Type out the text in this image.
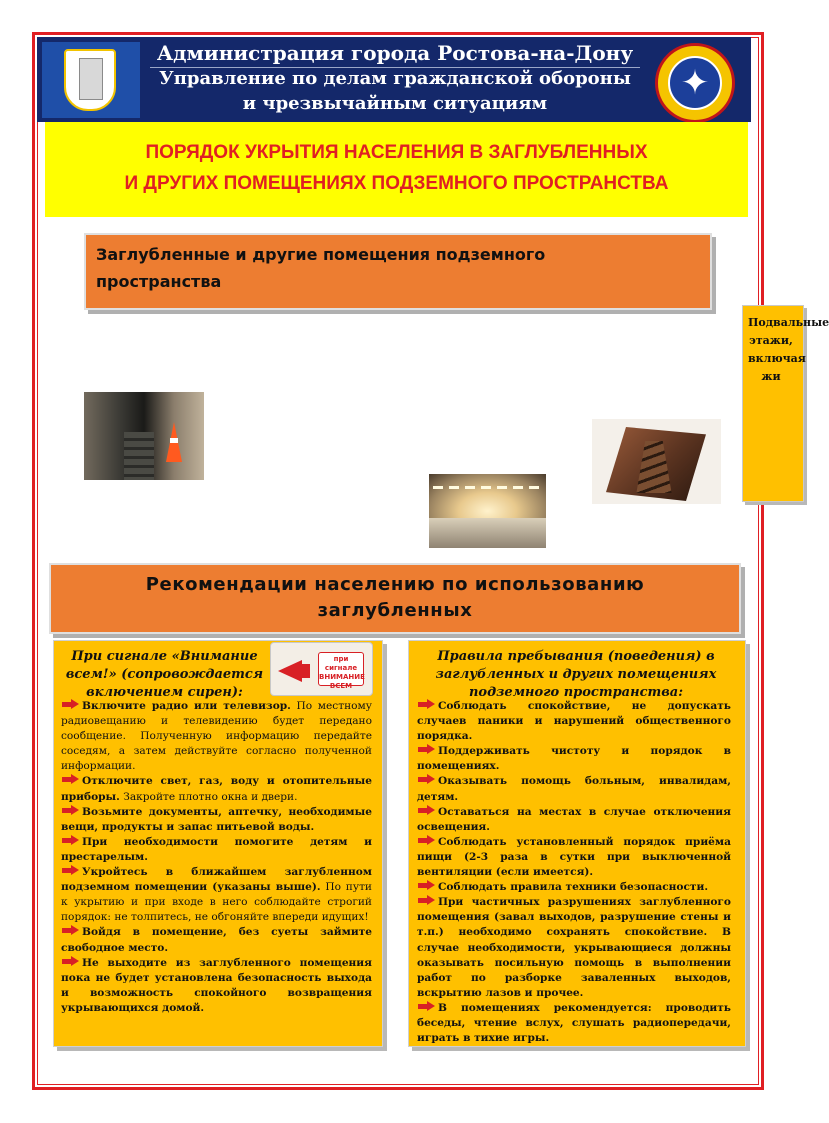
Администрация города Ростова-на-Дону
Управление по делам гражданской обороны
и чрезвычайным ситуациям
✦
ПОРЯДОК УКРЫТИЯ НАСЕЛЕНИЯ В ЗАГЛУБЛЕННЫХ
И ДРУГИХ ПОМЕЩЕНИЯХ ПОДЗЕМНОГО ПРОСТРАНСТВА
Заглубленные и другие помещения подземного пространства
Подвальные этажи, включая жи
Рекомендации населению по использованию
заглубленных
При сигнале «Внимание всем!» (сопровождается включением сирен):
при сигнале ВНИМАНИЕ ВСЕМ

Включите радио или телевизор. По местному радиовещанию и телевидению будет передано сообщение. Полученную информацию передайте соседям, а затем действуйте согласно полученной информации.

Отключите свет, газ, воду и отопительные приборы. Закройте плотно окна и двери.

Возьмите документы, аптечку, необходимые вещи, продукты и запас питьевой воды.

При необходимости помогите детям и престарелым.

Укройтесь в ближайшем заглубленном подземном помещении (указаны выше). По пути к укрытию и при входе в него соблюдайте строгий порядок: не толпитесь, не обгоняйте впереди идущих!

Войдя в помещение, без суеты займите свободное место.

Не выходите из заглубленного помещения пока не будет установлена безопасность выхода и возможность спокойного возвращения укрывающихся домой.

Правила пребывания (поведения) в заглубленных и других помещениях подземного пространства:

Соблюдать спокойствие, не допускать случаев паники и нарушений общественного порядка.

Поддерживать чистоту и порядок в помещениях.

Оказывать помощь больным, инвалидам, детям.

Оставаться на местах в случае отключения освещения.

Соблюдать установленный порядок приёма пищи (2-3 раза в сутки при выключенной вентиляции (если имеется).

Соблюдать правила техники безопасности.

При частичных разрушениях заглубленного помещения (завал выходов, разрушение стены и т.п.) необходимо сохранять спокойствие. В случае необходимости, укрывающиеся должны оказывать посильную помощь в выполнении работ по разборке заваленных выходов, вскрытию лазов и прочее.

В помещениях рекомендуется: проводить беседы, чтение вслух, слушать радиопередачи, играть в тихие игры.
